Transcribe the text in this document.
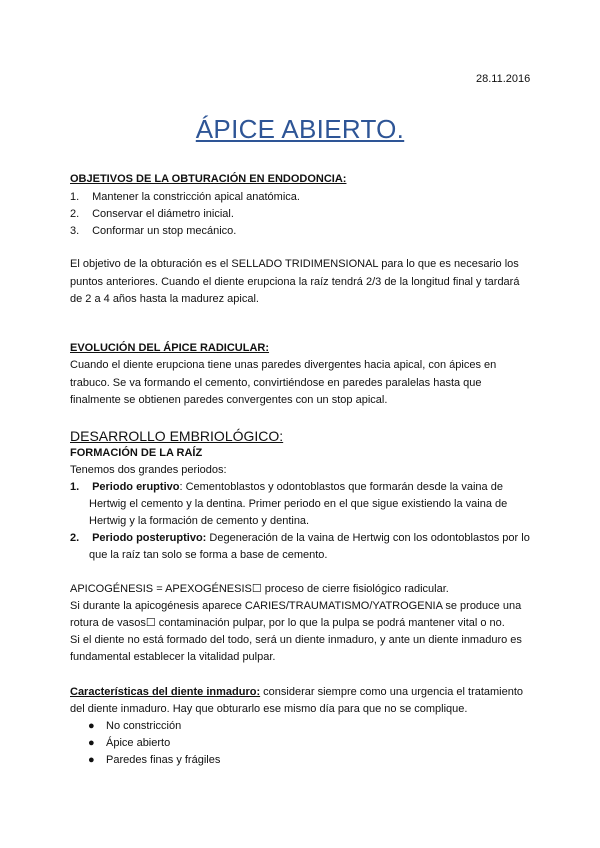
28.11.2016
ÁPICE ABIERTO.
OBJETIVOS DE LA OBTURACIÓN EN ENDODONCIA:
1. Mantener la constricción apical anatómica.
2. Conservar el diámetro inicial.
3. Conformar un stop mecánico.
El objetivo de la obturación es el SELLADO TRIDIMENSIONAL para lo que es necesario los
puntos anteriores. Cuando el diente erupciona la raíz tendrá 2/3 de la longitud final y tardará
de 2 a 4 años hasta la madurez apical.
EVOLUCIÓN DEL ÁPICE RADICULAR:
Cuando el diente erupciona tiene unas paredes divergentes hacia apical, con ápices en
trabuco. Se va formando el cemento, convirtiéndose en paredes paralelas hasta que
finalmente se obtienen paredes convergentes con un stop apical.
DESARROLLO EMBRIOLÓGICO:
FORMACIÓN DE LA RAÍZ
Tenemos dos grandes periodos:
1. Periodo eruptivo: Cementoblastos y odontoblastos que formarán desde la vaina de
Hertwig el cemento y la dentina. Primer periodo en el que sigue existiendo la vaina de
Hertwig y la formación de cemento y dentina.
2. Periodo posteruptivo: Degeneración de la vaina de Hertwig con los odontoblastos por lo
que la raíz tan solo se forma a base de cemento.
APICOGÉNESIS = APEXOGÉNESIS☐ proceso de cierre fisiológico radicular.
Si durante la apicogénesis aparece CARIES/TRAUMATISMO/YATROGENIA se produce una
rotura de vasos☐ contaminación pulpar, por lo que la pulpa se podrá mantener vital o no.
Si el diente no está formado del todo, será un diente inmaduro, y ante un diente inmaduro es
fundamental establecer la vitalidad pulpar.
Características del diente inmaduro: considerar siempre como una urgencia el tratamiento
del diente inmaduro. Hay que obturarlo ese mismo día para que no se complique.
● No constricción
● Ápice abierto
● Paredes finas y frágiles
